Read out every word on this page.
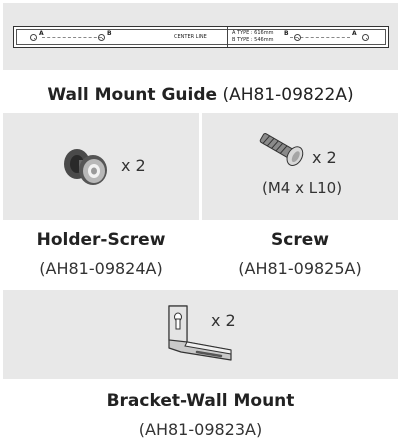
A	B	CENTER LINE
A TYPE : 616mm
B TYPE : 546mm
B	A
Wall Mount Guide (AH81-09822A)
x 2	x 2
(M4 x L10)
Holder-Screw
(AH81-09824A)
Screw
(AH81-09825A)
x 2
Bracket-Wall Mount
(AH81-09823A)
